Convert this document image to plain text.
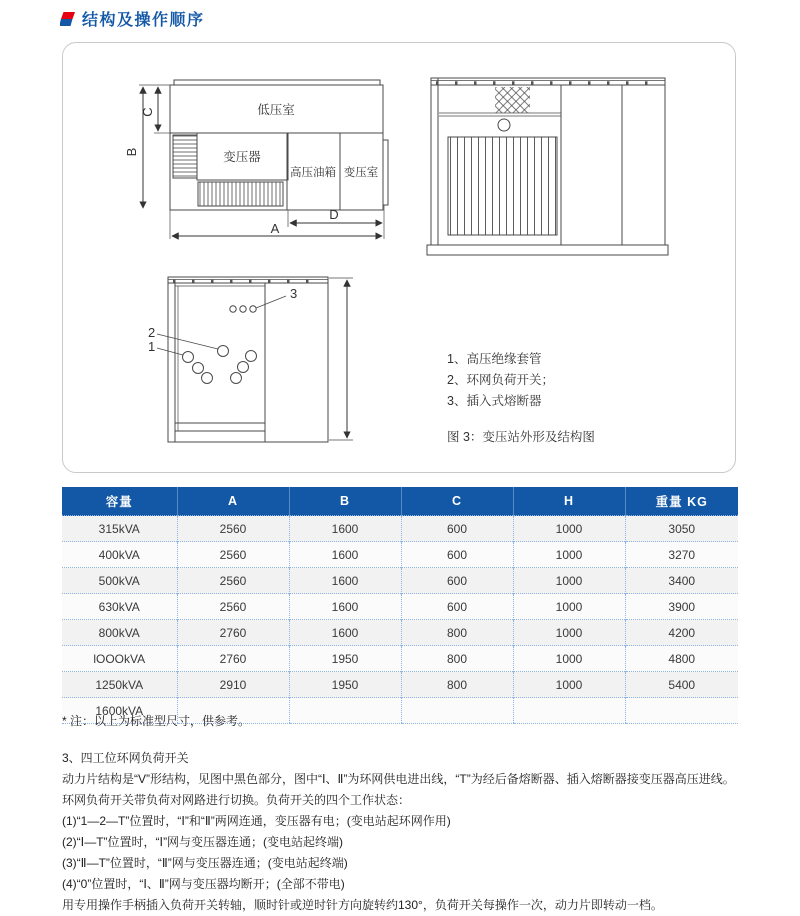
结构及操作顺序
低压室
变压器
高压油箱 变压室
B
C
D
A
3
2
1
1、高压绝缘套管
2、环网负荷开关；
3、插入式熔断器
图 3：变压站外形及结构图
容量	A	B	C	H	重量 KG
315kVA	2560	1600	600	1000	3050
400kVA	2560	1600	600	1000	3270
500kVA	2560	1600	600	1000	3400
630kVA	2560	1600	600	1000	3900
800kVA	2760	1600	800	1000	4200
lOOOkVA	2760	1950	800	1000	4800
1250kVA	2910	1950	800	1000	5400
1600kVA					
* 注：以上为标准型尺寸，供参考。

3、四工位环网负荷开关

动力片结构是“V”形结构，见图中黑色部分，图中“Ⅰ、Ⅱ”为环网供电进出线，“T”为经后备熔断器、插入熔断器接变压器高压进线。环网负荷开关带负荷对网路进行切换。负荷开关的四个工作状态：

(1)“1—2—T”位置时，“Ⅰ”和“Ⅱ”两网连通，变压器有电；(变电站起环网作用)

(2)“Ⅰ—T”位置时，“Ⅰ”网与变压器连通；(变电站起终端)

(3)“Ⅱ—T”位置时，“Ⅱ”网与变压器连通；(变电站起终端)

(4)“0”位置时，“Ⅰ、Ⅱ”网与变压器均断开；(全部不带电)

用专用操作手柄插入负荷开关转轴，顺时针或逆时针方向旋转约130°，负荷开关每操作一次，动力片即转动一档。
